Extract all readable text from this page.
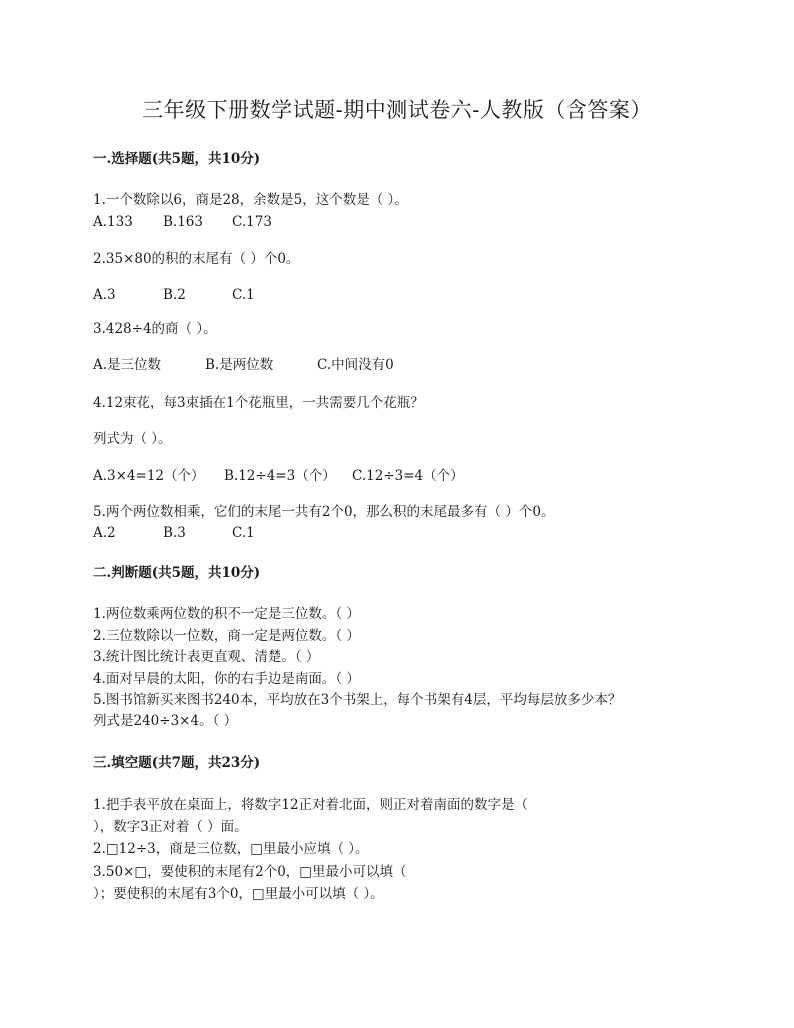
三年级下册数学试题-期中测试卷六-人教版（含答案）
一.选择题(共5题，共10分)
1.一个数除以6，商是28，余数是5，这个数是（ ）。
A.133 B.163 C.173
2.35×80的积的末尾有（ ）个0。
A.3	B.2	C.1
3.428÷4的商（ ）。
A.是三位数	B.是两位数	C.中间没有0
4.12束花，每3束插在1个花瓶里，一共需要几个花瓶？
列式为（ ）。
A.3×4=12（个） B.12÷4=3（个） C.12÷3=4（个）
5.两个两位数相乘，它们的末尾一共有2个0，那么积的末尾最多有（ ）个0。
A.2	B.3	C.1
二.判断题(共5题，共10分)
1.两位数乘两位数的积不一定是三位数。（ ）
2.三位数除以一位数，商一定是两位数。（ ）
3.统计图比统计表更直观、清楚。（ ）
4.面对早晨的太阳，你的右手边是南面。（ ）
5.图书馆新买来图书240本，平均放在3个书架上，每个书架有4层，平均每层放多少本？
列式是240÷3×4。（ ）
三.填空题(共7题，共23分)
1.把手表平放在桌面上，将数字12正对着北面，则正对着南面的数字是（
），数字3正对着（ ）面。
2.□12÷3，商是三位数，□里最小应填（ ）。
3.50×□，要使积的末尾有2个0，□里最小可以填（
）；要使积的末尾有3个0，□里最小可以填（ ）。
